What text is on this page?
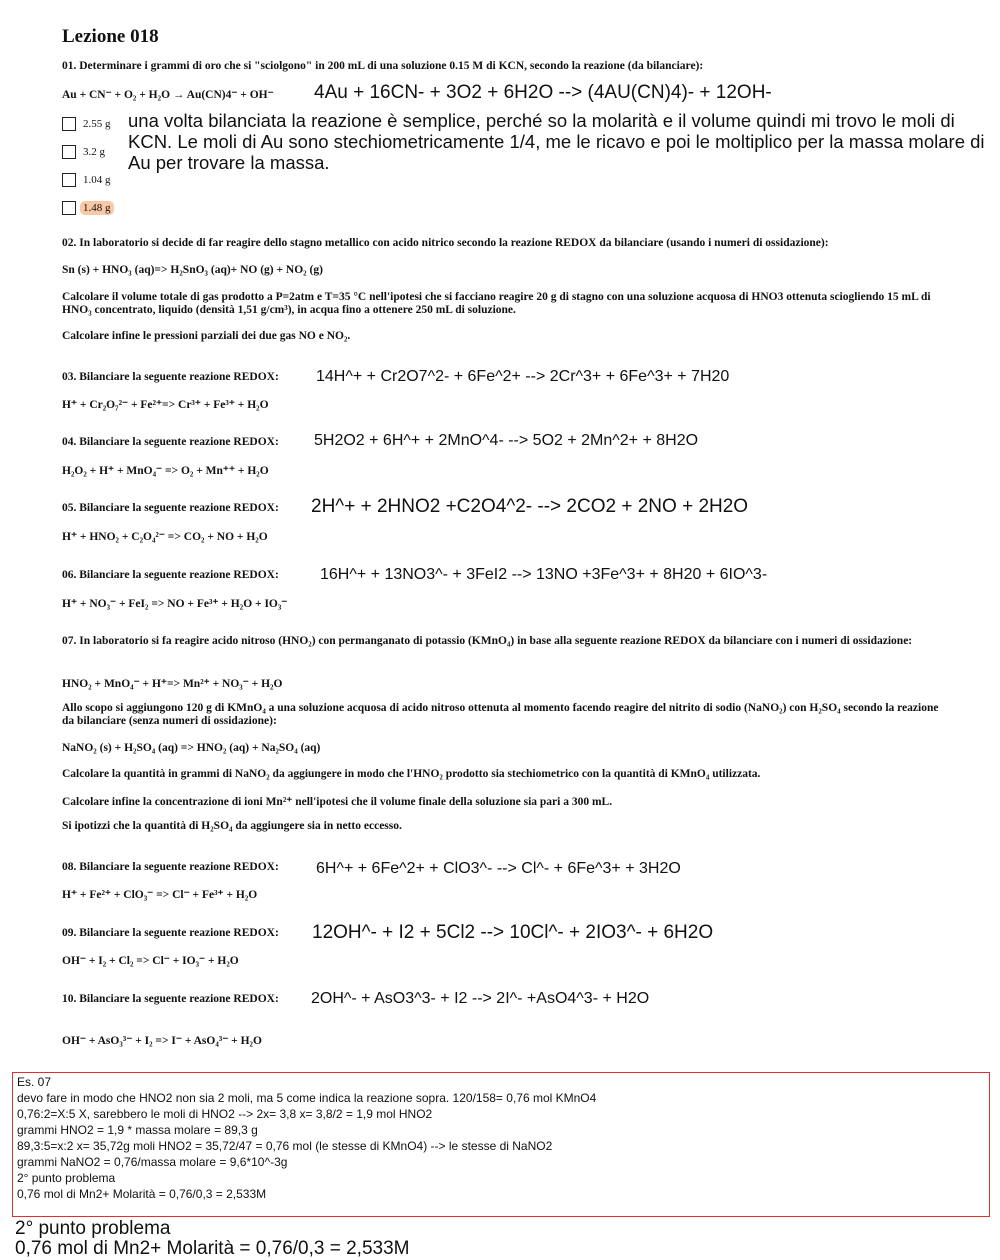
Lezione 018
01. Determinare i grammi di oro che si "sciolgono" in 200 mL di una soluzione 0.15 M di KCN, secondo la reazione (da bilanciare):
Au + CN⁻ + O₂ + H₂O → Au(CN)4⁻ + OH⁻ 4Au + 16CN- + 3O2 + 6H2O --> (4AU(CN)4)- + 12OH-
2.55 g
3.2 g
1.04 g
1.48 g
una volta bilanciata la reazione è semplice, perché so la molarità e il volume quindi mi trovo le moli di KCN. Le moli di Au sono stechiometricamente 1/4, me le ricavo e poi le moltiplico per la massa molare di Au per trovare la massa.
02. In laboratorio si decide di far reagire dello stagno metallico con acido nitrico secondo la reazione REDOX da bilanciare (usando i numeri di ossidazione):
Sn (s) + HNO₃ (aq)=> H₂SnO₃ (aq)+ NO (g) + NO₂ (g)
Calcolare il volume totale di gas prodotto a P=2atm e T=35 °C nell'ipotesi che si facciano reagire 20 g di stagno con una soluzione acquosa di HNO3 ottenuta sciogliendo 15 mL di HNO₃ concentrato, liquido (densità 1,51 g/cm³), in acqua fino a ottenere 250 mL di soluzione.
Calcolare infine le pressioni parziali dei due gas NO e NO₂.
03. Bilanciare la seguente reazione REDOX: 14H^+ + Cr2O7^2- + 6Fe^2+ --> 2Cr^3+ + 6Fe^3+ + 7H20
H⁺ + Cr₂O₇²⁻ + Fe²⁺=> Cr³⁺ + Fe³⁺ + H₂O
04. Bilanciare la seguente reazione REDOX: 5H2O2 + 6H^+ + 2MnO^4- --> 5O2 + 2Mn^2+ + 8H2O
H₂O₂ + H⁺ + MnO₄⁻ => O₂ + Mn⁺⁺ + H₂O
05. Bilanciare la seguente reazione REDOX: 2H^+ + 2HNO2 +C2O4^2- --> 2CO2 + 2NO + 2H2O
H⁺ + HNO₂ + C₂O₄²⁻ => CO₂ + NO + H₂O
06. Bilanciare la seguente reazione REDOX:	16H^+ + 13NO3^- + 3FeI2 --> 13NO +3Fe^3+ + 8H20 + 6IO^3-
H⁺ + NO₃⁻ + FeI₂ => NO + Fe³⁺ + H₂O + IO₃⁻
07. In laboratorio si fa reagire acido nitroso (HNO₂) con permanganato di potassio (KMnO₄) in base alla seguente reazione REDOX da bilanciare con i numeri di ossidazione:
HNO₂ + MnO₄⁻ + H⁺=> Mn²⁺ + NO₃⁻ + H₂O
Allo scopo si aggiungono 120 g di KMnO₄ a una soluzione acquosa di acido nitroso ottenuta al momento facendo reagire del nitrito di sodio (NaNO₂) con H₂SO₄ secondo la reazione da bilanciare (senza numeri di ossidazione):
NaNO₂ (s) + H₂SO₄ (aq) => HNO₂ (aq) + Na₂SO₄ (aq)
Calcolare la quantità in grammi di NaNO₂ da aggiungere in modo che l'HNO₂ prodotto sia stechiometrico con la quantità di KMnO₄ utilizzata.
Calcolare infine la concentrazione di ioni Mn²⁺ nell'ipotesi che il volume finale della soluzione sia pari a 300 mL.
Si ipotizzi che la quantità di H₂SO₄ da aggiungere sia in netto eccesso.
08. Bilanciare la seguente reazione REDOX: 6H^+ + 6Fe^2+ + ClO3^- --> Cl^- + 6Fe^3+ + 3H2O
H⁺ + Fe²⁺ + ClO₃⁻ => Cl⁻ + Fe³⁺ + H₂O
09. Bilanciare la seguente reazione REDOX: 12OH^- + I2 + 5Cl2 --> 10Cl^- + 2IO3^- + 6H2O
OH⁻ + I₂ + Cl₂ => Cl⁻ + IO₃⁻ + H₂O
10. Bilanciare la seguente reazione REDOX: 2OH^- + AsO3^3- + I2 --> 2I^- +AsO4^3- + H2O
OH⁻ + AsO₃³⁻ + I₂ => I⁻ + AsO₄³⁻ + H₂O
Es. 07
devo fare in modo che HNO2 non sia 2 moli, ma 5 come indica la reazione sopra. 120/158= 0,76 mol KMnO4
0,76:2=X:5 X, sarebbero le moli di HNO2 --> 2x= 3,8 x= 3,8/2 = 1,9 mol HNO2
grammi HNO2 = 1,9 * massa molare = 89,3 g
89,3:5=x:2 x= 35,72g moli HNO2 = 35,72/47 = 0,76 mol (le stesse di KMnO4) --> le stesse di NaNO2
grammi NaNO2 = 0,76/massa molare = 9,6*10^-3g
2° punto problema
0,76 mol di Mn2+ Molarità = 0,76/0,3 = 2,533M
2° punto problema
0,76 mol di Mn2+ Molarità = 0,76/0,3 = 2,533M
